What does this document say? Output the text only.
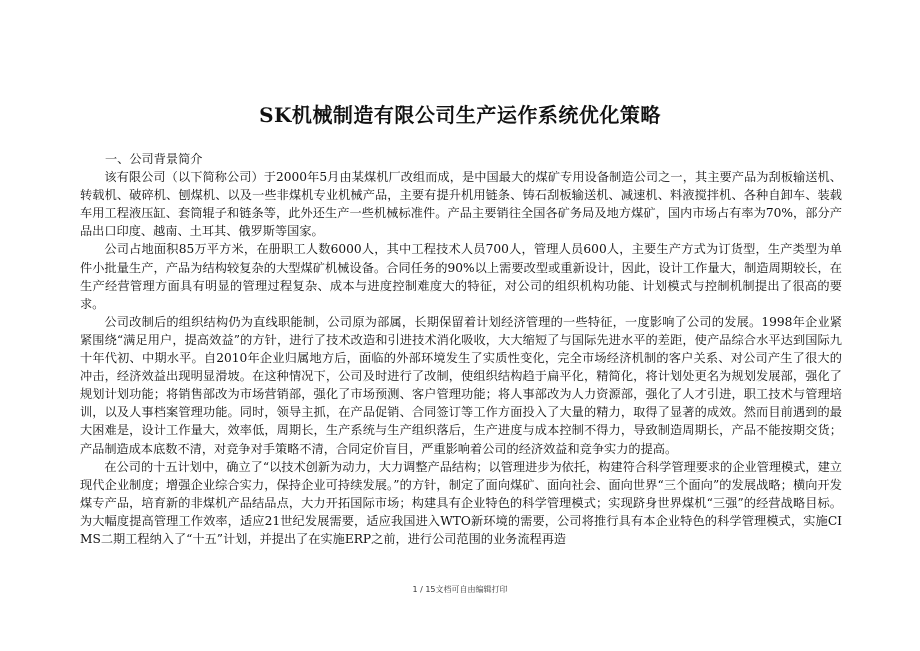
SK机械制造有限公司生产运作系统优化策略

一、公司背景简介

该有限公司（以下简称公司）于2000年5月由某煤机厂改组而成，是中国最大的煤矿专用设备制造公司之一，其主要产品为刮板输送机、转载机、破碎机、刨煤机、以及一些非煤机专业机械产品，主要有提升机用链条、铸石刮板输送机、减速机、料液搅拌机、各种自卸车、装载车用工程液压缸、套筒辊子和链条等，此外还生产一些机械标准件。产品主要销往全国各矿务局及地方煤矿，国内市场占有率为70%，部分产品出口印度、越南、土耳其、俄罗斯等国家。

公司占地面积85万平方米，在册职工人数6000人，其中工程技术人员700人，管理人员600人，主要生产方式为订货型，生产类型为单件小批量生产，产品为结构较复杂的大型煤矿机械设备。合同任务的90%以上需要改型或重新设计，因此，设计工作量大，制造周期较长，在生产经营管理方面具有明显的管理过程复杂、成本与进度控制难度大的特征，对公司的组织机构功能、计划模式与控制机制提出了很高的要求。

公司改制后的组织结构仍为直线职能制，公司原为部属，长期保留着计划经济管理的一些特征，一度影响了公司的发展。1998年企业紧紧围绕“满足用户，提高效益”的方针，进行了技术改造和引进技术消化吸收，大大缩短了与国际先进水平的差距，使产品综合水平达到国际九十年代初、中期水平。自2010年企业归属地方后，面临的外部环境发生了实质性变化，完全市场经济机制的客户关系、对公司产生了很大的冲击，经济效益出现明显滑坡。在这种情况下，公司及时进行了改制，使组织结构趋于扁平化，精简化，将计划处更名为规划发展部，强化了规划计划功能；将销售部改为市场营销部，强化了市场预测、客户管理功能；将人事部改为人力资源部，强化了人才引进，职工技术与管理培训，以及人事档案管理功能。同时，领导主抓，在产品促销、合同签订等工作方面投入了大量的精力，取得了显著的成效。然而目前遇到的最大困难是，设计工作量大，效率低，周期长，生产系统与生产组织落后，生产进度与成本控制不得力，导致制造周期长，产品不能按期交货；产品制造成本底数不清，对竞争对手策略不清，合同定价盲目，严重影响着公司的经济效益和竞争实力的提高。

在公司的十五计划中，确立了“以技术创新为动力，大力调整产品结构；以管理进步为依托，构建符合科学管理要求的企业管理模式，建立现代企业制度；增强企业综合实力，保持企业可持续发展。”的方针，制定了面向煤矿、面向社会、面向世界“三个面向”的发展战略；横向开发煤专产品，培育新的非煤机产品结品点，大力开拓国际市场；构建具有企业特色的科学管理模式；实现跻身世界煤机“三强”的经营战略目标。为大幅度提高管理工作效率，适应21世纪发展需要，适应我国进入WTO新环境的需要，公司将推行具有本企业特色的科学管理模式，实施CIMS二期工程纳入了“十五”计划，并提出了在实施ERP之前，进行公司范围的业务流程再造

1 / 15文档可自由编辑打印
